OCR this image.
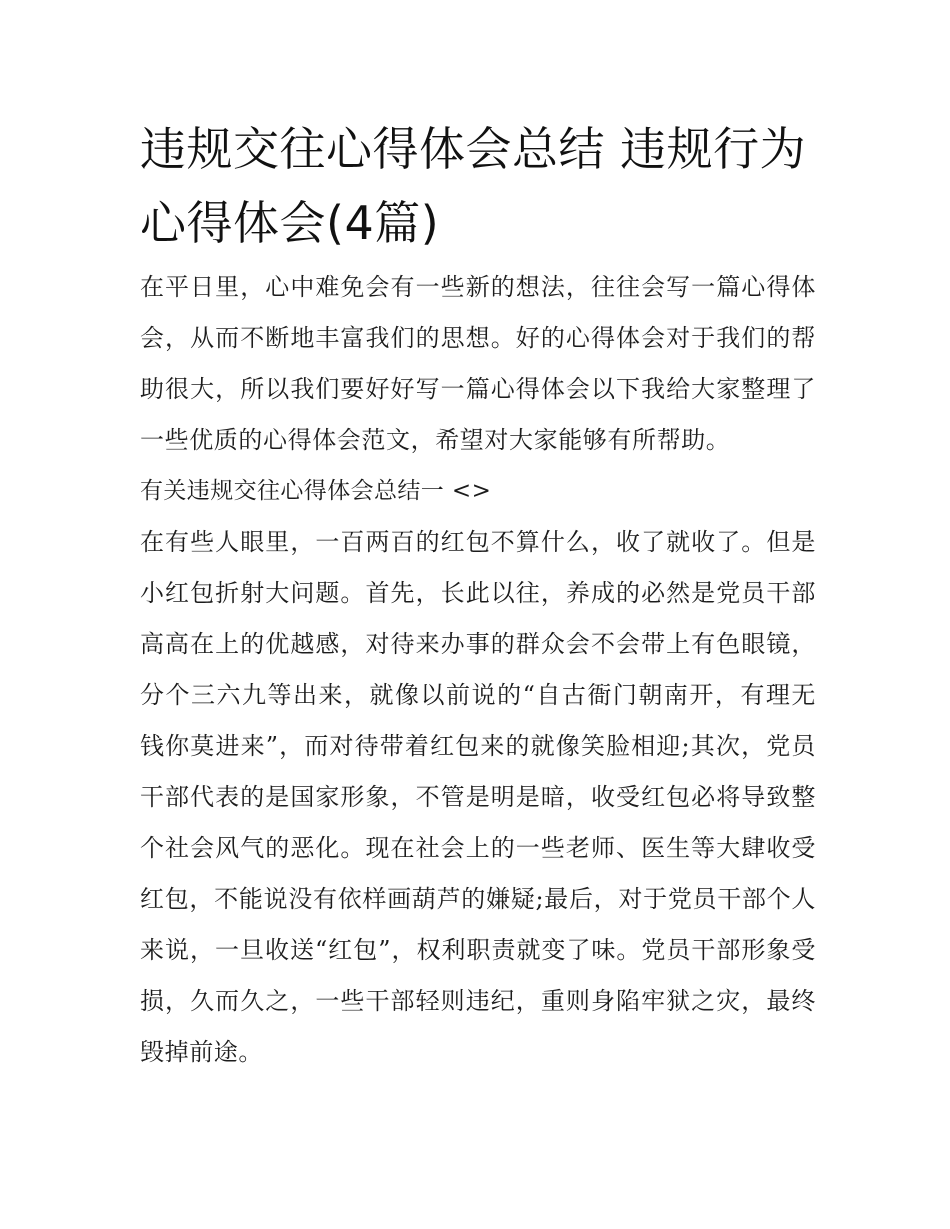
违规交往心得体会总结 违规行为心得体会(4篇)

在平日里，心中难免会有一些新的想法，往往会写一篇心得体会，从而不断地丰富我们的思想。好的心得体会对于我们的帮助很大，所以我们要好好写一篇心得体会以下我给大家整理了一些优质的心得体会范文，希望对大家能够有所帮助。

有关违规交往心得体会总结一 <>

在有些人眼里，一百两百的红包不算什么，收了就收了。但是小红包折射大问题。首先，长此以往，养成的必然是党员干部高高在上的优越感，对待来办事的群众会不会带上有色眼镜，分个三六九等出来，就像以前说的“自古衙门朝南开，有理无钱你莫进来”，而对待带着红包来的就像笑脸相迎;其次，党员干部代表的是国家形象，不管是明是暗，收受红包必将导致整个社会风气的恶化。现在社会上的一些老师、医生等大肆收受红包，不能说没有依样画葫芦的嫌疑;最后，对于党员干部个人来说，一旦收送“红包”，权利职责就变了味。党员干部形象受损，久而久之，一些干部轻则违纪，重则身陷牢狱之灾，最终毁掉前途。
